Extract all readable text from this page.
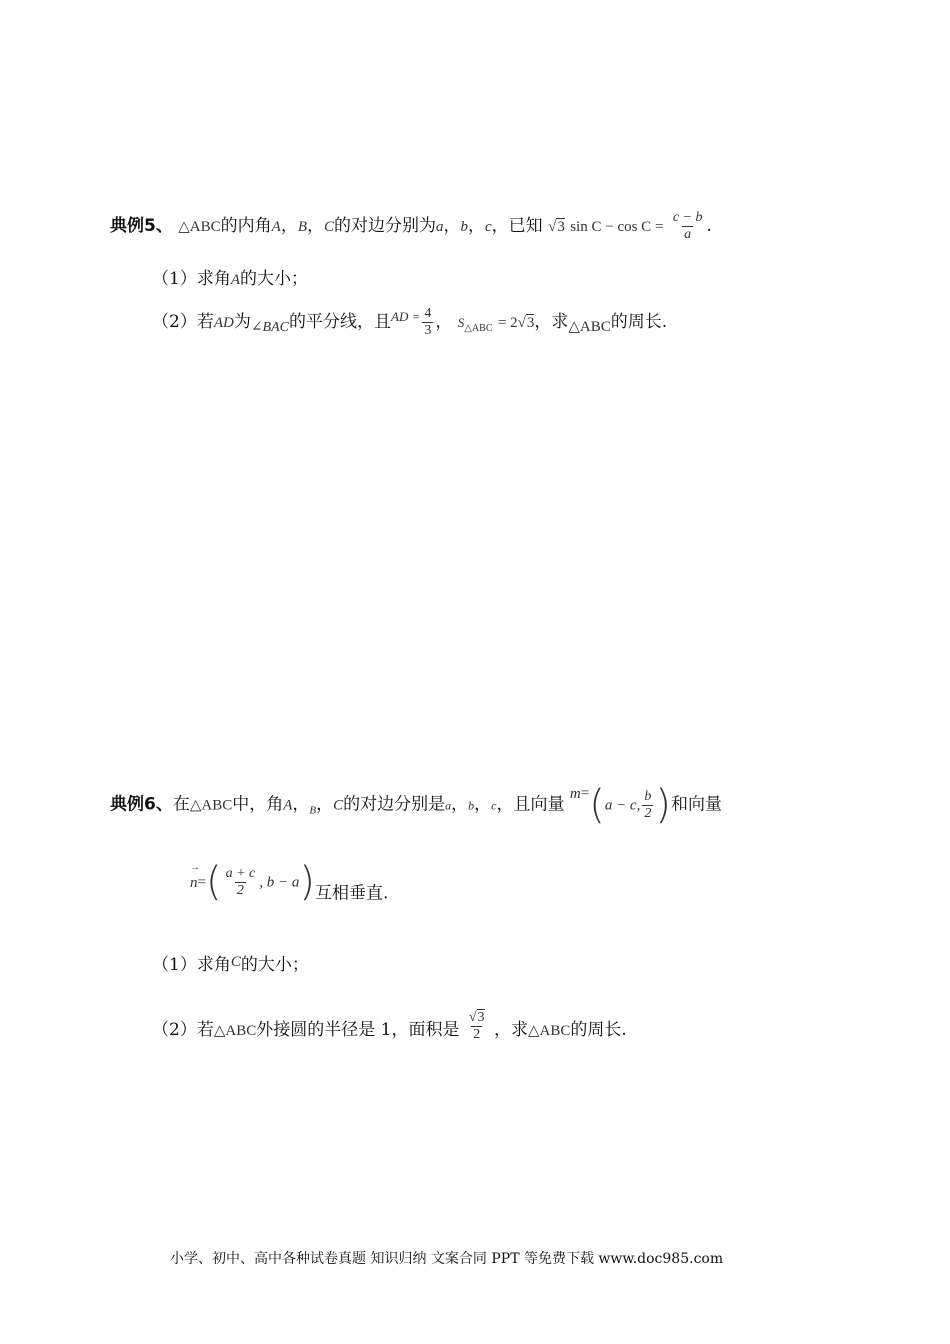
典例5、 △ABC的内角A，B，C的对边分别为a，b，c，已知 √3 $\sin C - \cos C = \frac{c - b}{a}$ .
（1）求角A的大小；
（2）若AD为$_{\angle BAC}$的平分线，且$^{AD =} \frac{4}{3}$ ， $S_{\triangle ABC} = 2√3$，求△ABC的周长.
典例6、在△ABC中，角A，$_B$，C的对边分别是a，b，c，且向量 m=(a − c, $\frac{b}{2}$ )和向量
→
$n=( \frac{a + c}{2}$ , b − a)互相垂直.
（1）求角C的大小；
（2）若△ABC外接圆的半径是 1，面积是 $\frac{√3}{2}$ ，求△ABC的周长.
小学、初中、高中各种试卷真题 知识归纳 文案合同 PPT 等免费下载 www.doc985.com
